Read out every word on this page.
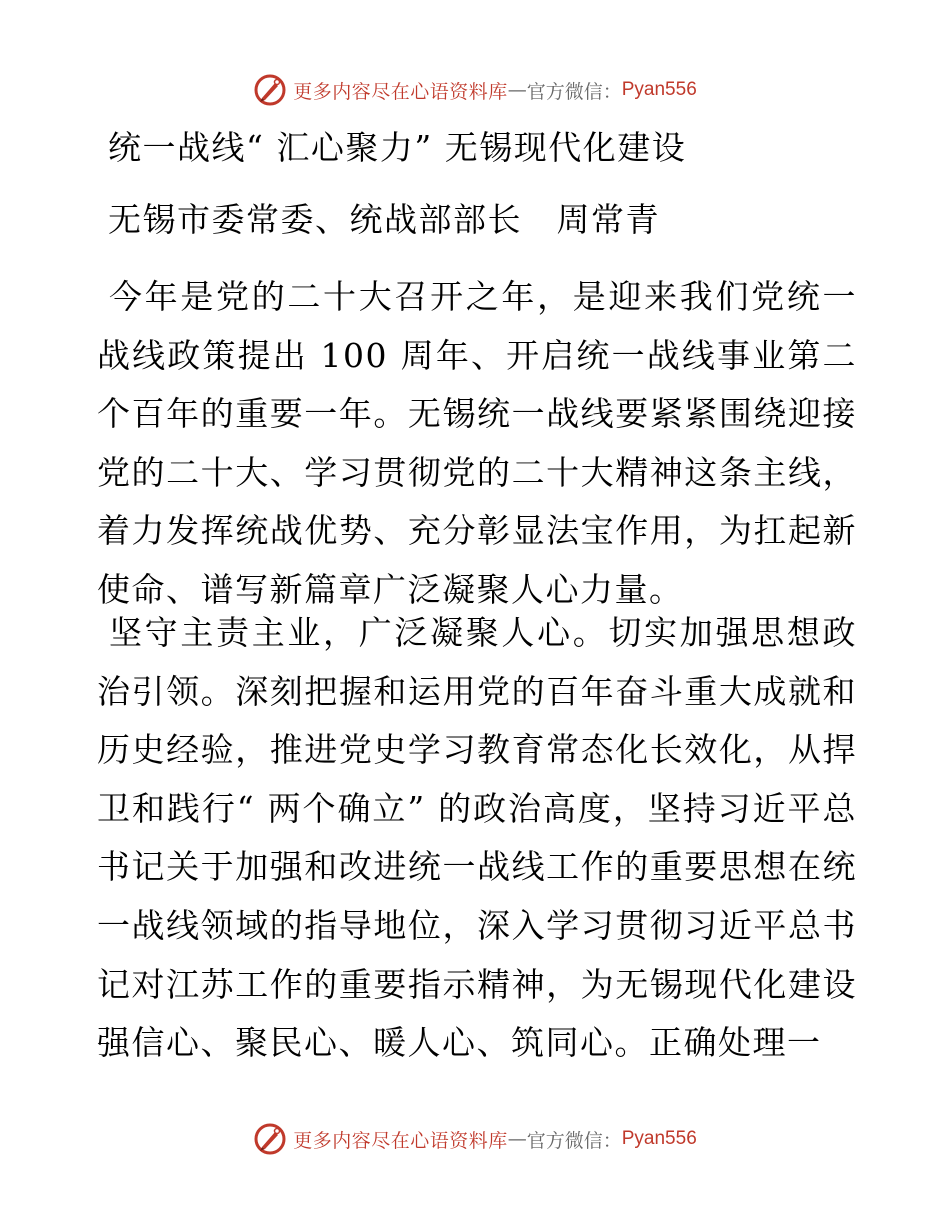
更多内容尽在心语资料库 — 官方微信： Pyan556
统一战线“ 汇心聚力” 无锡现代化建设
无锡市委常委、统战部部长　周常青
今年是党的二十大召开之年，是迎来我们党统一战线政策提出 100 周年、开启统一战线事业第二个百年的重要一年。无锡统一战线要紧紧围绕迎接党的二十大、学习贯彻党的二十大精神这条主线，着力发挥统战优势、充分彰显法宝作用，为扛起新使命、谱写新篇章广泛凝聚人心力量。
坚守主责主业，广泛凝聚人心。切实加强思想政治引领。深刻把握和运用党的百年奋斗重大成就和历史经验，推进党史学习教育常态化长效化，从捍卫和践行“ 两个确立” 的政治高度，坚持习近平总书记关于加强和改进统一战线工作的重要思想在统一战线领域的指导地位，深入学习贯彻习近平总书记对江苏工作的重要指示精神，为无锡现代化建设强信心、聚民心、暖人心、筑同心。正确处理一
更多内容尽在心语资料库 — 官方微信： Pyan556
